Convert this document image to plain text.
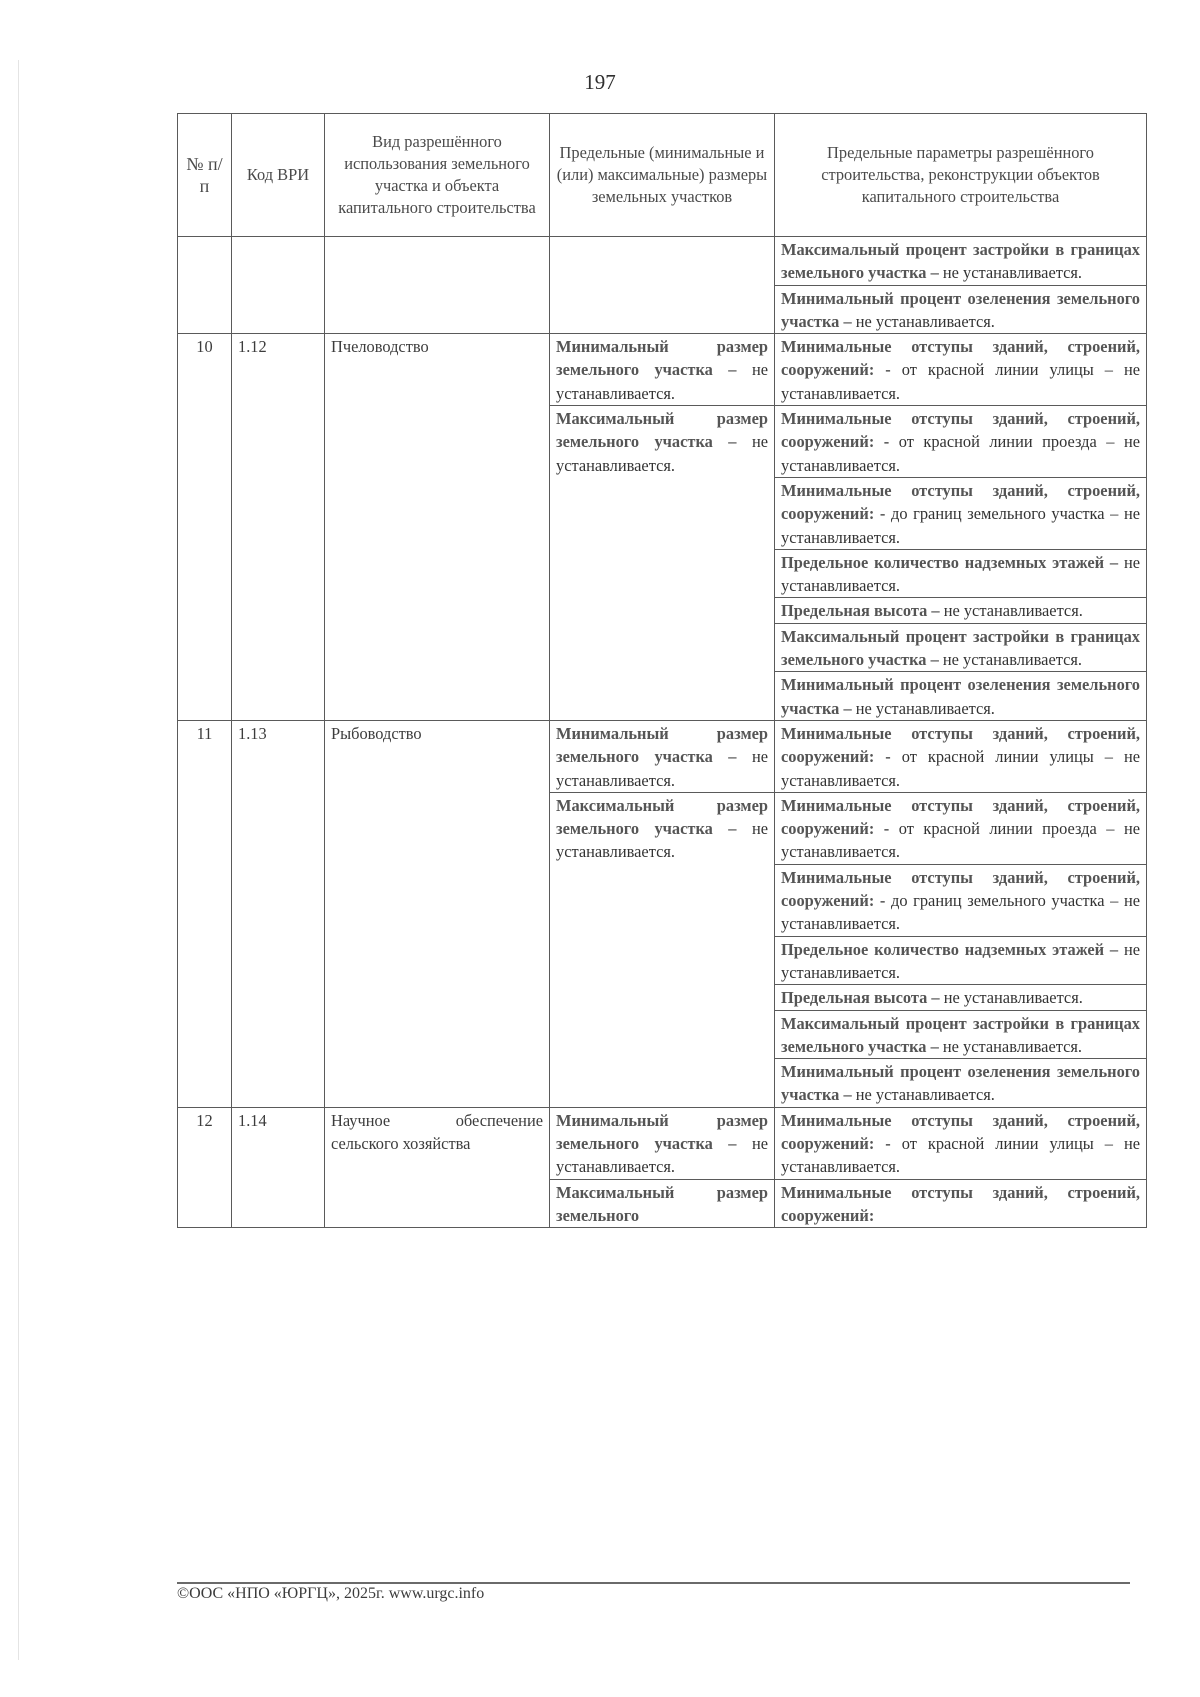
197
№ п/п	Код ВРИ	Вид разрешённого использования земельного участка и объекта капитального строительства	Предельные (минимальные и (или) максимальные) размеры земельных участков	Предельные параметры разрешённого строительства, реконструкции объектов капитального строительства
				Максимальный процент застройки в границах земельного участка – не устанавливается.
				Минимальный процент озеленения земельного участка – не устанавливается.
10	1.12	Пчеловодство	Минимальный размер земельного участка – не устанавливается.	Минимальные отступы зданий, строений, сооружений: - от красной линии улицы – не устанавливается.
			Максимальный размер земельного участка – не устанавливается.	Минимальные отступы зданий, строений, сооружений: - от красной линии проезда – не устанавливается.
				Минимальные отступы зданий, строений, сооружений: - до границ земельного участка – не устанавливается.
				Предельное количество надземных этажей – не устанавливается.
				Предельная высота – не устанавливается.
				Максимальный процент застройки в границах земельного участка – не устанавливается.
				Минимальный процент озеленения земельного участка – не устанавливается.
11	1.13	Рыбоводство	Минимальный размер земельного участка – не устанавливается.	Минимальные отступы зданий, строений, сооружений: - от красной линии улицы – не устанавливается.
			Максимальный размер земельного участка – не устанавливается.	Минимальные отступы зданий, строений, сооружений: - от красной линии проезда – не устанавливается.
				Минимальные отступы зданий, строений, сооружений: - до границ земельного участка – не устанавливается.
				Предельное количество надземных этажей – не устанавливается.
				Предельная высота – не устанавливается.
				Максимальный процент застройки в границах земельного участка – не устанавливается.
				Минимальный процент озеленения земельного участка – не устанавливается.
12	1.14	Научное обеспечение сельского хозяйства	Минимальный размер земельного участка – не устанавливается.	Минимальные отступы зданий, строений, сооружений: - от красной линии улицы – не устанавливается.
			Максимальный размер земельного	Минимальные отступы зданий, строений, сооружений:
©ООС «НПО «ЮРГЦ», 2025г. www.urgc.info
